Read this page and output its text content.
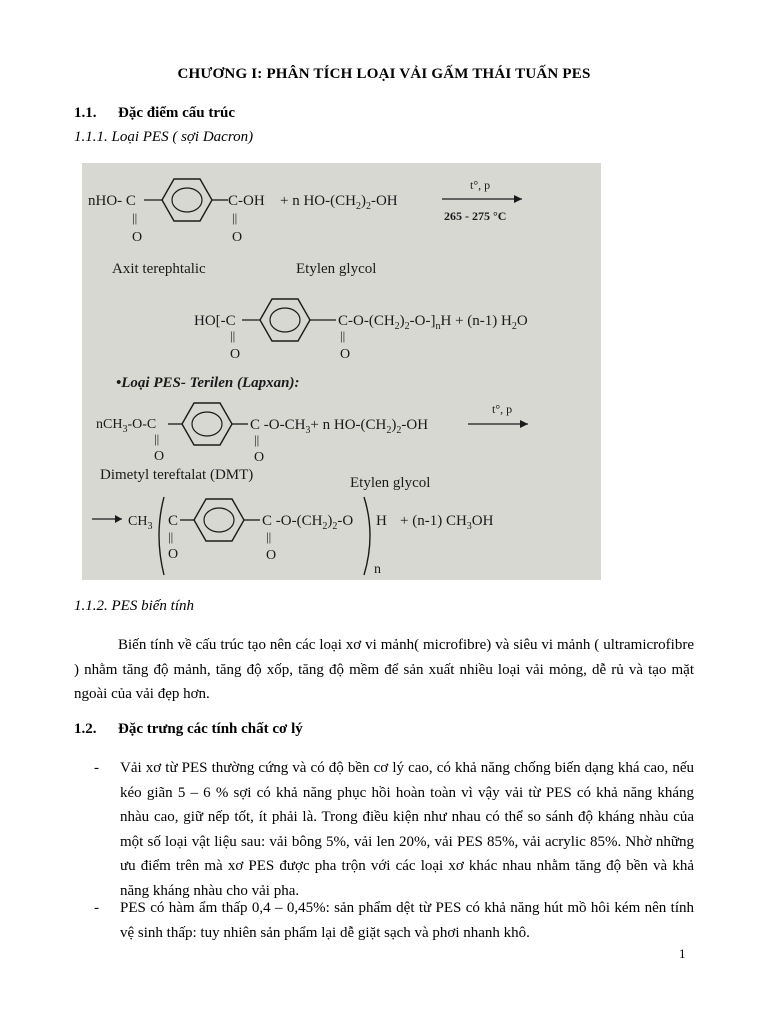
CHƯƠNG I: PHÂN TÍCH LOẠI VẢI GẤM THÁI TUẤN PES
1.1. Đặc điểm cấu trúc
1.1.1. Loại PES ( sợi Dacron)
nHO- C
||
O
C-OH
||
O
+ n $HO-(CH_2)_2-OH$
t°, p
265 - 275 °C
Axit terephtalic	Etylen glycol
HO[-C
||
O
$C-O-(CH_2)_2-O-]_nH + (n-1)$ $H_2O$
||
O
•Loại PES- Terilen (Lapxan):
nCH$_3$-O-C
||
O
C $-O-CH_3+ n$ $HO-(CH_2)_2-OH$
||
O
t°, p
Dimetyl tereftalat (DMT)	Etylen glycol
$CH_3$ C
||
O
C $-O-(CH_2)_2-O$
||
O
H
n
+ (n-1) $CH_3OH$
1.1.2. PES biến tính
Biến tính về cấu trúc tạo nên các loại xơ vi mảnh( microfibre) và siêu vi mảnh ( ultramicrofibre ) nhằm tăng độ mảnh, tăng độ xốp, tăng độ mềm để sản xuất nhiều loại vải mỏng, dễ rủ và tạo mặt ngoài của vải đẹp hơn.
1.2. Đặc trưng các tính chất cơ lý
- Vải xơ từ PES thường cứng và có độ bền cơ lý cao, có khả năng chống biến dạng khá cao, nếu kéo giãn 5 – 6 % sợi có khả năng phục hồi hoàn toàn vì vậy vải từ PES có khả năng kháng nhàu cao, giữ nếp tốt, ít phải là. Trong điều kiện như nhau có thể so sánh độ kháng nhàu của một số loại vật liệu sau: vải bông 5%, vải len 20%, vải PES 85%, vải acrylic 85%. Nhờ những ưu điểm trên mà xơ PES được pha trộn với các loại xơ khác nhau nhằm tăng độ bền và khả năng kháng nhàu cho vải pha.
- PES có hàm ẩm thấp 0,4 – 0,45%: sản phẩm dệt từ PES có khả năng hút mồ hôi kém nên tính vệ sinh thấp: tuy nhiên sản phẩm lại dễ giặt sạch và phơi nhanh khô.
1
